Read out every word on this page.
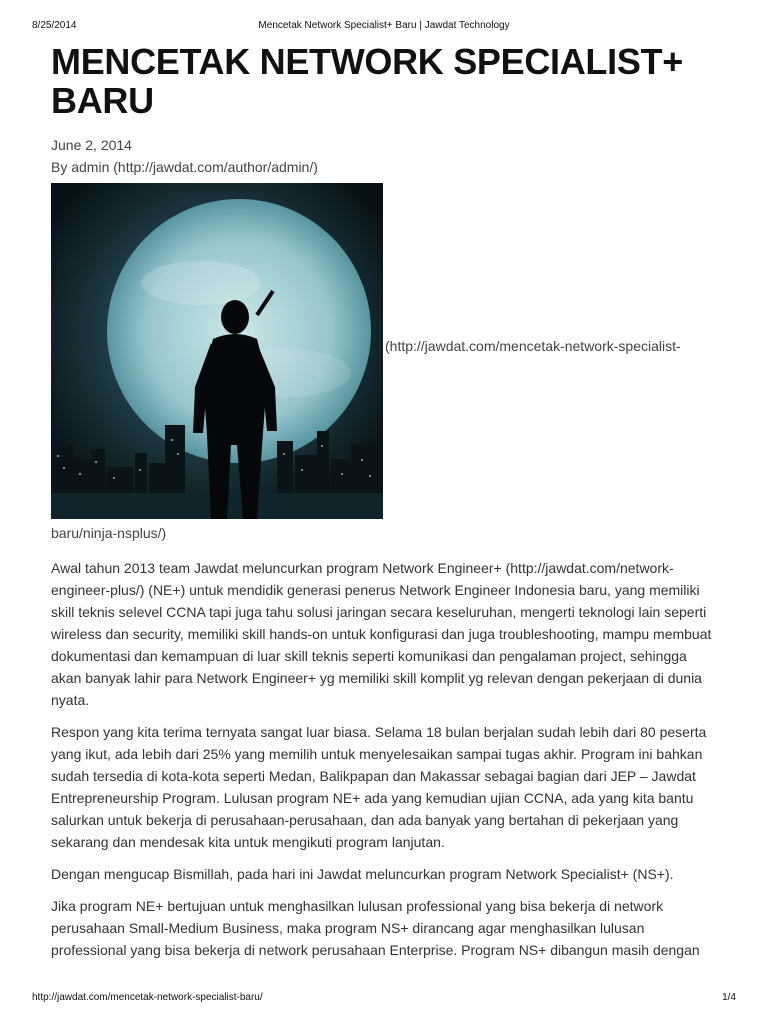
8/25/2014	Mencetak Network Specialist+ Baru | Jawdat Technology
MENCETAK NETWORK SPECIALIST+
BARU
June 2, 2014
By admin (http://jawdat.com/author/admin/)
(http://jawdat.com/mencetak-network-specialist-
baru/ninja-nsplus/)

Awal tahun 2013 team Jawdat meluncurkan program Network Engineer+ (http://jawdat.com/network-engineer-plus/) (NE+) untuk mendidik generasi penerus Network Engineer Indonesia baru, yang memiliki skill teknis selevel CCNA tapi juga tahu solusi jaringan secara keseluruhan, mengerti teknologi lain seperti wireless dan security, memiliki skill hands-on untuk konfigurasi dan juga troubleshooting, mampu membuat dokumentasi dan kemampuan di luar skill teknis seperti komunikasi dan pengalaman project, sehingga akan banyak lahir para Network Engineer+ yg memiliki skill komplit yg relevan dengan pekerjaan di dunia nyata.

Respon yang kita terima ternyata sangat luar biasa. Selama 18 bulan berjalan sudah lebih dari 80 peserta yang ikut, ada lebih dari 25% yang memilih untuk menyelesaikan sampai tugas akhir. Program ini bahkan sudah tersedia di kota-kota seperti Medan, Balikpapan dan Makassar sebagai bagian dari JEP – Jawdat Entrepreneurship Program. Lulusan program NE+ ada yang kemudian ujian CCNA, ada yang kita bantu salurkan untuk bekerja di perusahaan-perusahaan, dan ada banyak yang bertahan di pekerjaan yang sekarang dan mendesak kita untuk mengikuti program lanjutan.

Dengan mengucap Bismillah, pada hari ini Jawdat meluncurkan program Network Specialist+ (NS+).

Jika program NE+ bertujuan untuk menghasilkan lulusan professional yang bisa bekerja di network perusahaan Small-Medium Business, maka program NS+ dirancang agar menghasilkan lulusan professional yang bisa bekerja di network perusahaan Enterprise. Program NS+ dibangun masih dengan

http://jawdat.com/mencetak-network-specialist-baru/	1/4
